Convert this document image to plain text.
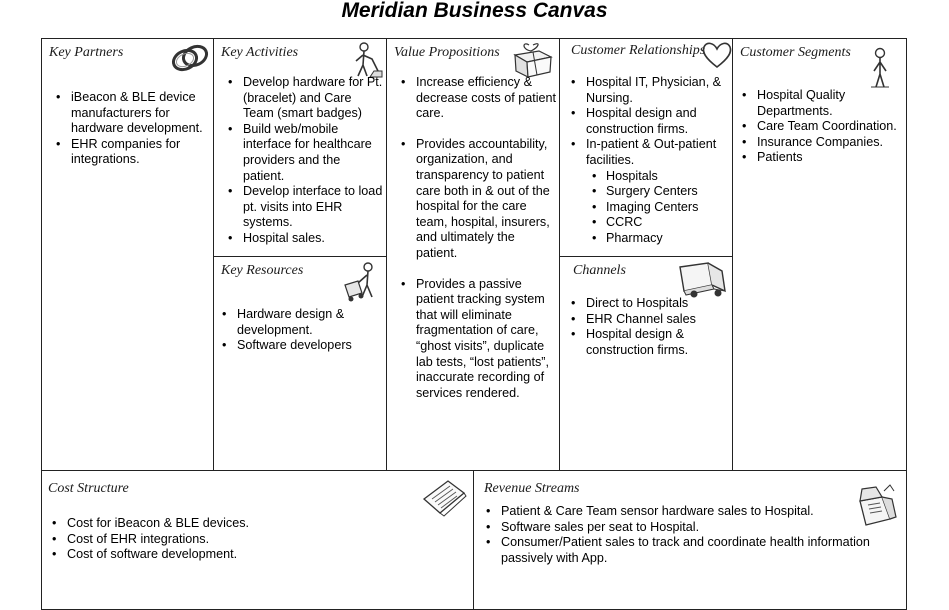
Meridian Business Canvas
Key Partners
• iBeacon & BLE device manufacturers for hardware development.
• EHR companies for integrations.
Key Activities
• Develop hardware for Pt. (bracelet) and Care Team (smart badges)
• Build web/mobile interface for healthcare providers and the patient.
• Develop interface to load pt. visits into EHR systems.
• Hospital sales.
Key Resources
• Hardware design & development.
• Software developers
Value Propositions
• Increase efficiency & decrease costs of patient care.
• Provides accountability, organization, and transparency to patient care both in & out of the hospital for the care team, hospital, insurers, and ultimately the patient.
• Provides a passive patient tracking system that will eliminate fragmentation of care, “ghost visits”, duplicate lab tests, “lost patients”, inaccurate recording of services rendered.
Customer Relationships
• Hospital IT, Physician, & Nursing.
• Hospital design and construction firms.
• In-patient & Out-patient facilities.
• Hospitals
• Surgery Centers
• Imaging Centers
• CCRC
• Pharmacy
Channels
• Direct to Hospitals
• EHR Channel sales
• Hospital design & construction firms.
Customer Segments
• Hospital Quality Departments.
• Care Team Coordination.
• Insurance Companies.
• Patients
Cost Structure
• Cost for iBeacon & BLE devices.
• Cost of EHR integrations.
• Cost of software development.
Revenue Streams
• Patient & Care Team sensor hardware sales to Hospital.
• Software sales per seat to Hospital.
• Consumer/Patient sales to track and coordinate health information passively with App.
